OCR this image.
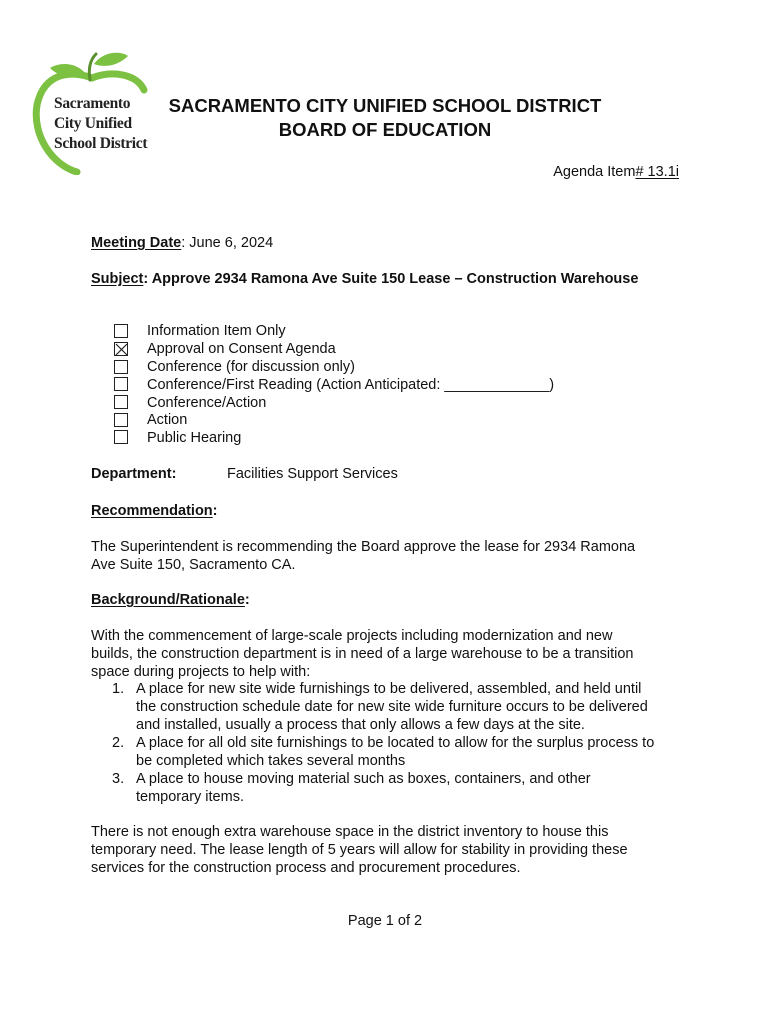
Sacramento
City Unified
School District
SACRAMENTO CITY UNIFIED SCHOOL DISTRICT
BOARD OF EDUCATION
Agenda Item# 13.1i
Meeting Date: June 6, 2024
Subject: Approve 2934 Ramona Ave Suite 150 Lease – Construction Warehouse
Information Item Only
Approval on Consent Agenda
Conference (for discussion only)
Conference/First Reading (Action Anticipated: _____________)
Conference/Action
Action
Public Hearing
Department:	Facilities Support Services
Recommendation:
The Superintendent is recommending the Board approve the lease for 2934 Ramona
Ave Suite 150, Sacramento CA.
Background/Rationale:
With the commencement of large-scale projects including modernization and new
builds, the construction department is in need of a large warehouse to be a transition
space during projects to help with:
1. A place for new site wide furnishings to be delivered, assembled, and held until
the construction schedule date for new site wide furniture occurs to be delivered
and installed, usually a process that only allows a few days at the site.
2. A place for all old site furnishings to be located to allow for the surplus process to
be completed which takes several months
3. A place to house moving material such as boxes, containers, and other
temporary items.
There is not enough extra warehouse space in the district inventory to house this
temporary need. The lease length of 5 years will allow for stability in providing these
services for the construction process and procurement procedures.
Page 1 of 2
